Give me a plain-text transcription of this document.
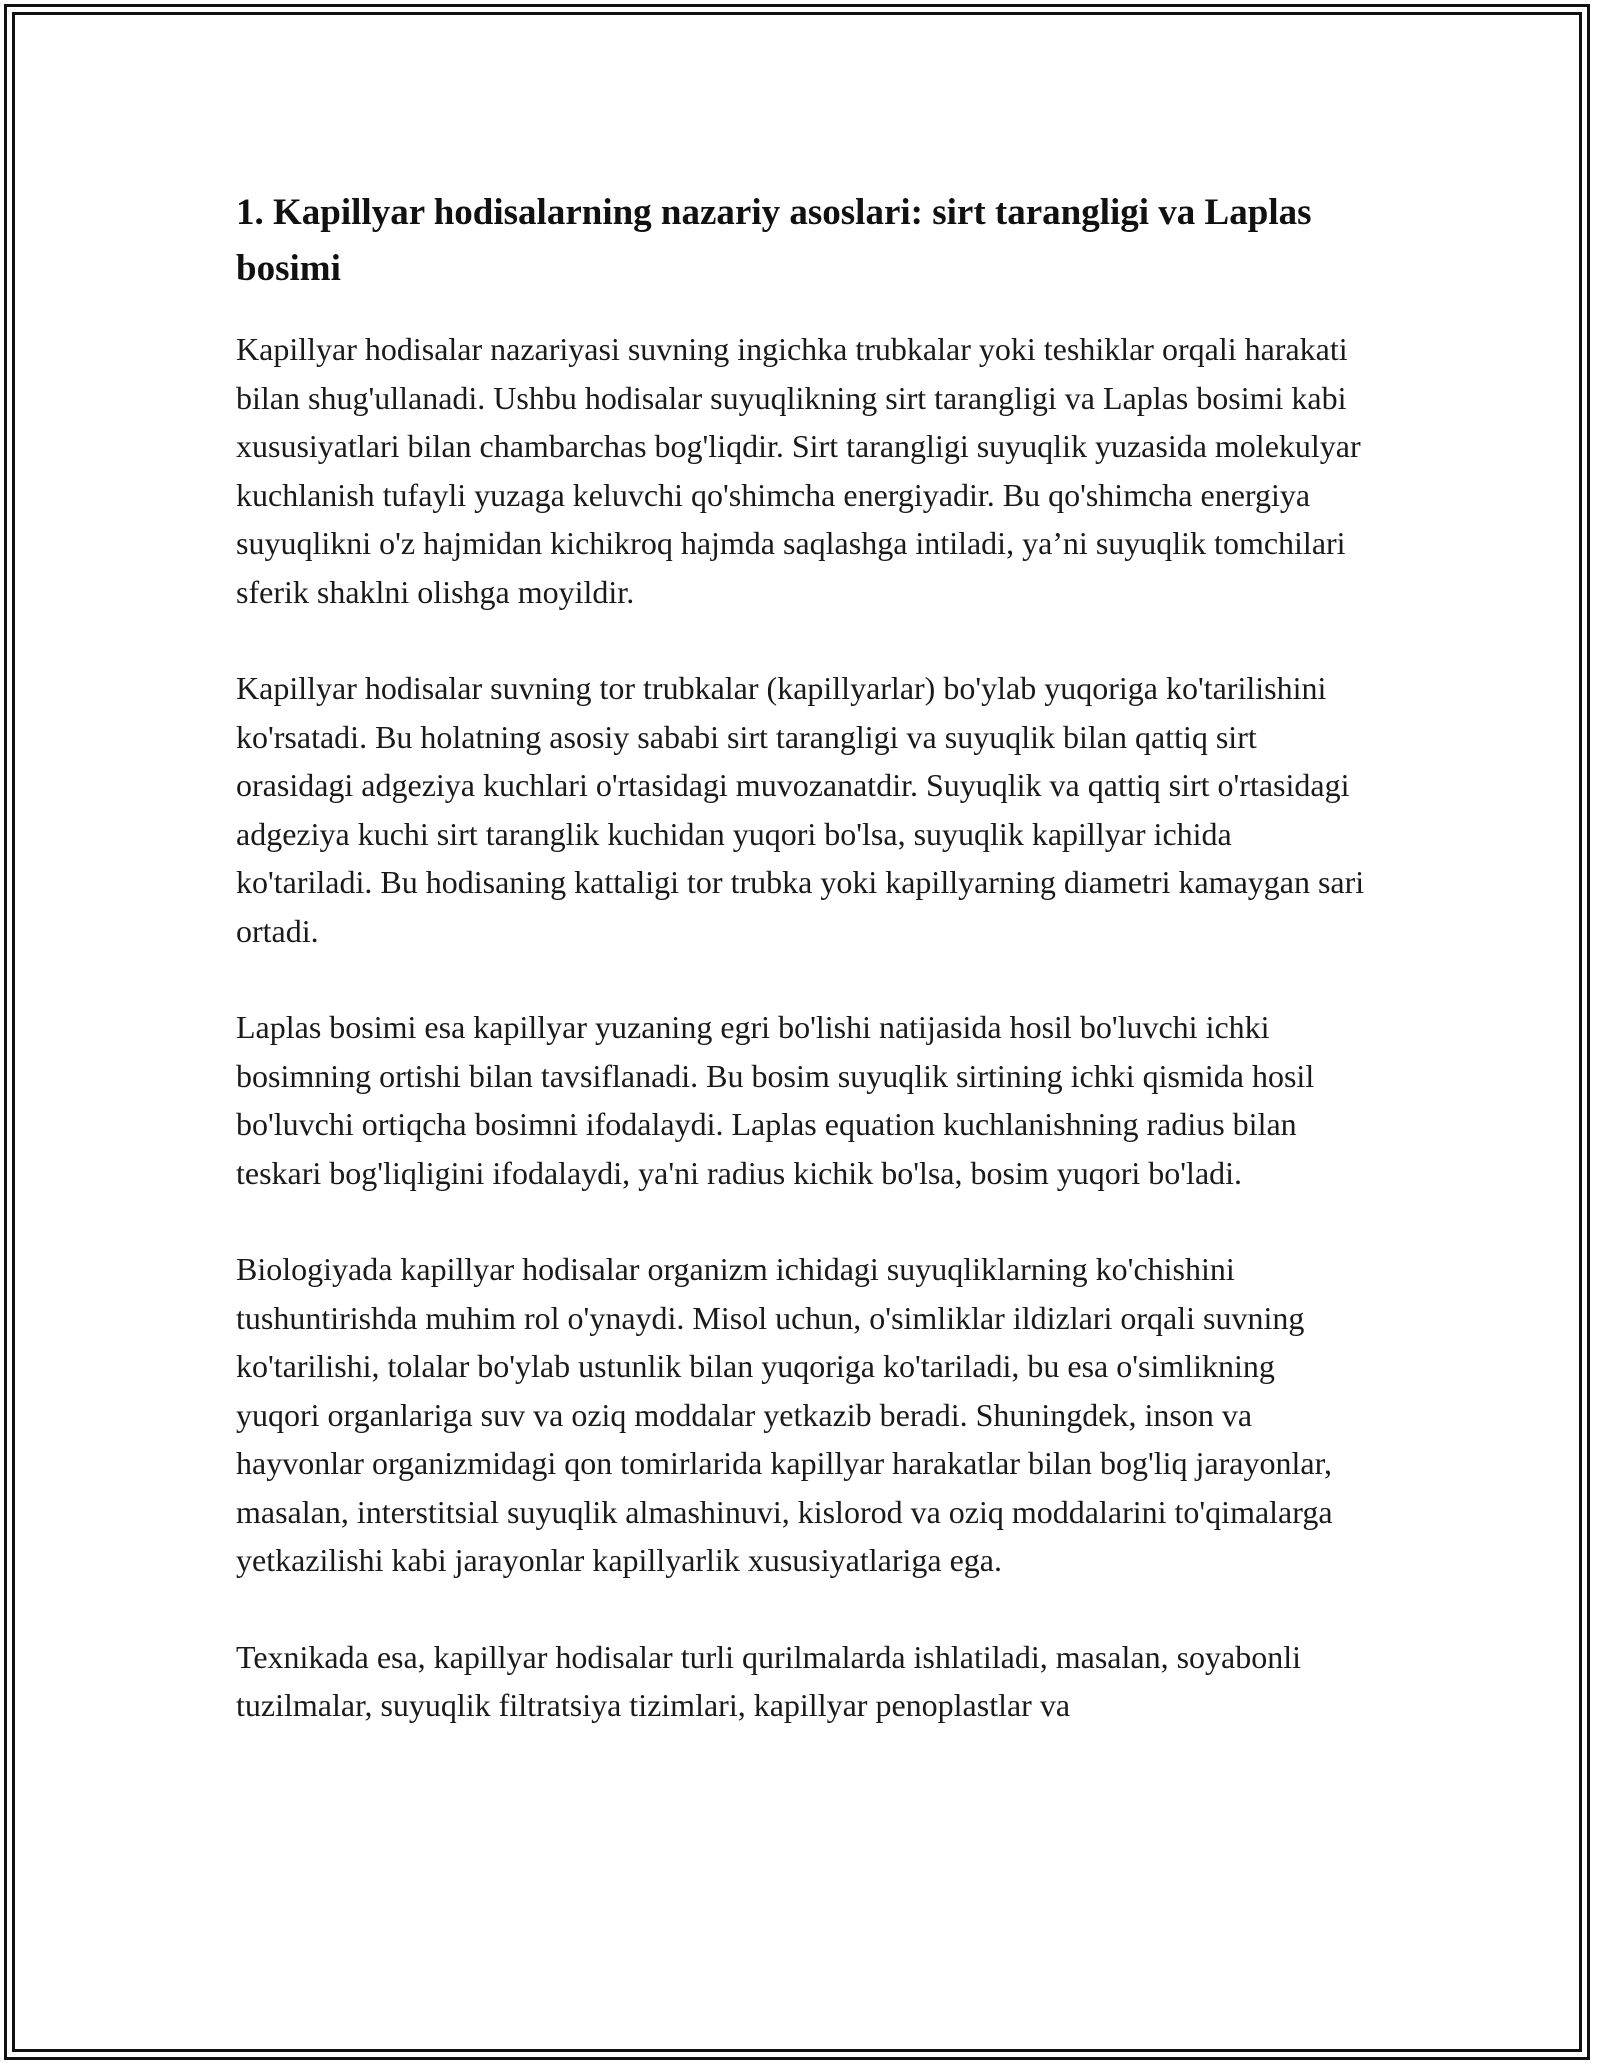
1. Kapillyar hodisalarning nazariy asoslari: sirt tarangligi va Laplas bosimi

Kapillyar hodisalar nazariyasi suvning ingichka trubkalar yoki teshiklar orqali harakati bilan shug'ullanadi. Ushbu hodisalar suyuqlikning sirt tarangligi va Laplas bosimi kabi xususiyatlari bilan chambarchas bog'liqdir. Sirt tarangligi suyuqlik yuzasida molekulyar kuchlanish tufayli yuzaga keluvchi qo'shimcha energiyadir. Bu qo'shimcha energiya suyuqlikni o'z hajmidan kichikroq hajmda saqlashga intiladi, ya’ni suyuqlik tomchilari sferik shaklni olishga moyildir.

Kapillyar hodisalar suvning tor trubkalar (kapillyarlar) bo'ylab yuqoriga ko'tarilishini ko'rsatadi. Bu holatning asosiy sababi sirt tarangligi va suyuqlik bilan qattiq sirt orasidagi adgeziya kuchlari o'rtasidagi muvozanatdir. Suyuqlik va qattiq sirt o'rtasidagi adgeziya kuchi sirt taranglik kuchidan yuqori bo'lsa, suyuqlik kapillyar ichida ko'tariladi. Bu hodisaning kattaligi tor trubka yoki kapillyarning diametri kamaygan sari ortadi.

Laplas bosimi esa kapillyar yuzaning egri bo'lishi natijasida hosil bo'luvchi ichki bosimning ortishi bilan tavsiflanadi. Bu bosim suyuqlik sirtining ichki qismida hosil bo'luvchi ortiqcha bosimni ifodalaydi. Laplas equation kuchlanishning radius bilan teskari bog'liqligini ifodalaydi, ya'ni radius kichik bo'lsa, bosim yuqori bo'ladi.

Biologiyada kapillyar hodisalar organizm ichidagi suyuqliklarning ko'chishini tushuntirishda muhim rol o'ynaydi. Misol uchun, o'simliklar ildizlari orqali suvning ko'tarilishi, tolalar bo'ylab ustunlik bilan yuqoriga ko'tariladi, bu esa o'simlikning yuqori organlariga suv va oziq moddalar yetkazib beradi. Shuningdek, inson va hayvonlar organizmidagi qon tomirlarida kapillyar harakatlar bilan bog'liq jarayonlar, masalan, interstitsial suyuqlik almashinuvi, kislorod va oziq moddalarini to'qimalarga yetkazilishi kabi jarayonlar kapillyarlik xususiyatlariga ega.

Texnikada esa, kapillyar hodisalar turli qurilmalarda ishlatiladi, masalan, soyabonli tuzilmalar, suyuqlik filtratsiya tizimlari, kapillyar penoplastlar va
